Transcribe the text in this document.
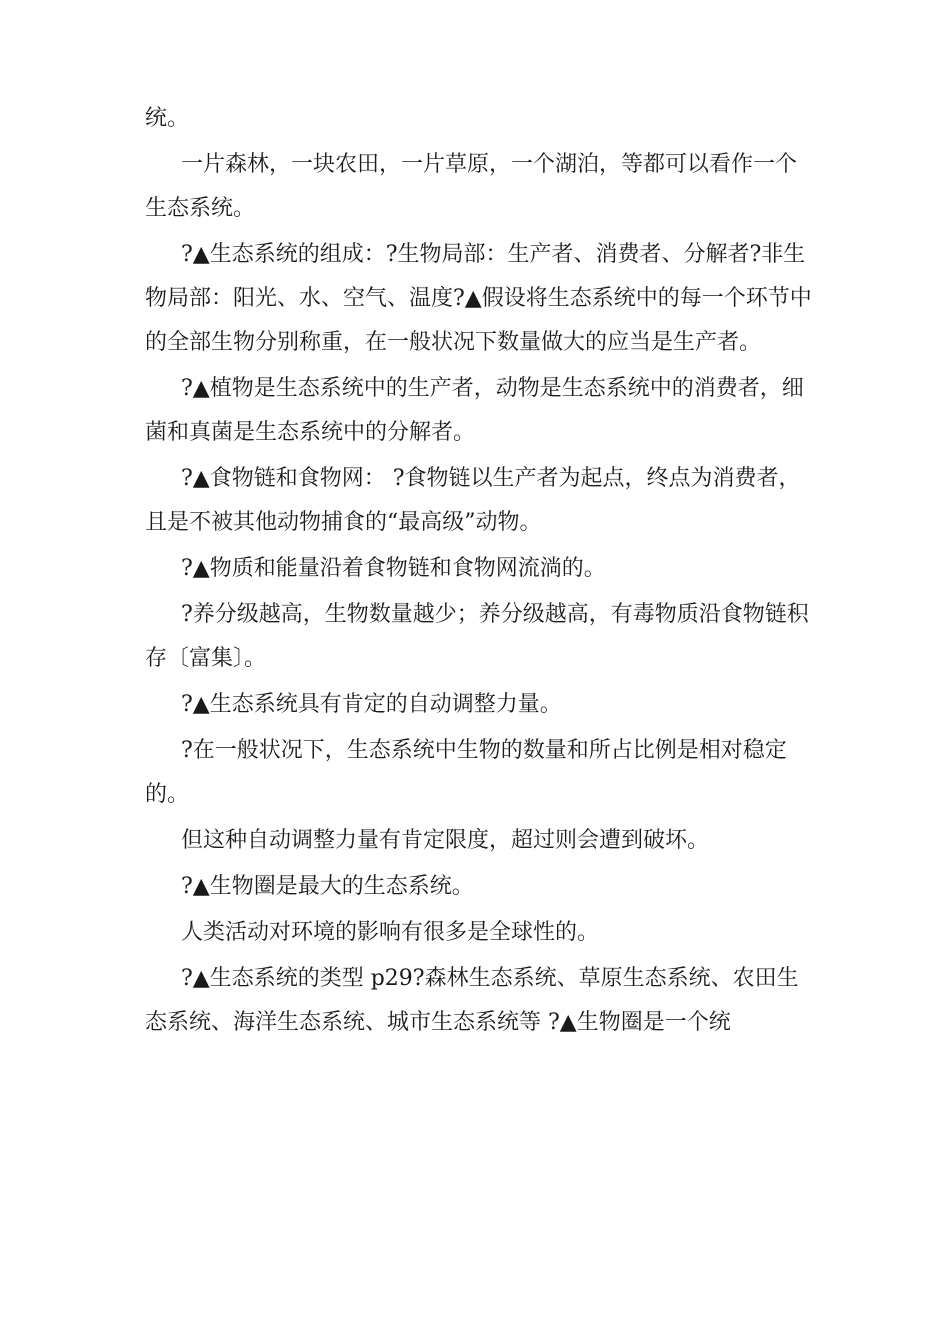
统。

一片森林，一块农田，一片草原，一个湖泊，等都可以看作一个生态系统。

?▲生态系统的组成：?生物局部：生产者、消费者、分解者?非生物局部：阳光、水、空气、温度?▲假设将生态系统中的每一个环节中的全部生物分别称重，在一般状况下数量做大的应当是生产者。

?▲植物是生态系统中的生产者，动物是生态系统中的消费者，细菌和真菌是生态系统中的分解者。

?▲食物链和食物网： ?食物链以生产者为起点，终点为消费者，且是不被其他动物捕食的“最高级”动物。

?▲物质和能量沿着食物链和食物网流淌的。

?养分级越高，生物数量越少；养分级越高，有毒物质沿食物链积存〔富集〕。

?▲生态系统具有肯定的自动调整力量。

?在一般状况下，生态系统中生物的数量和所占比例是相对稳定的。

但这种自动调整力量有肯定限度，超过则会遭到破坏。

?▲生物圈是最大的生态系统。

人类活动对环境的影响有很多是全球性的。

?▲生态系统的类型 p29?森林生态系统、草原生态系统、农田生态系统、海洋生态系统、城市生态系统等 ?▲生物圈是一个统
